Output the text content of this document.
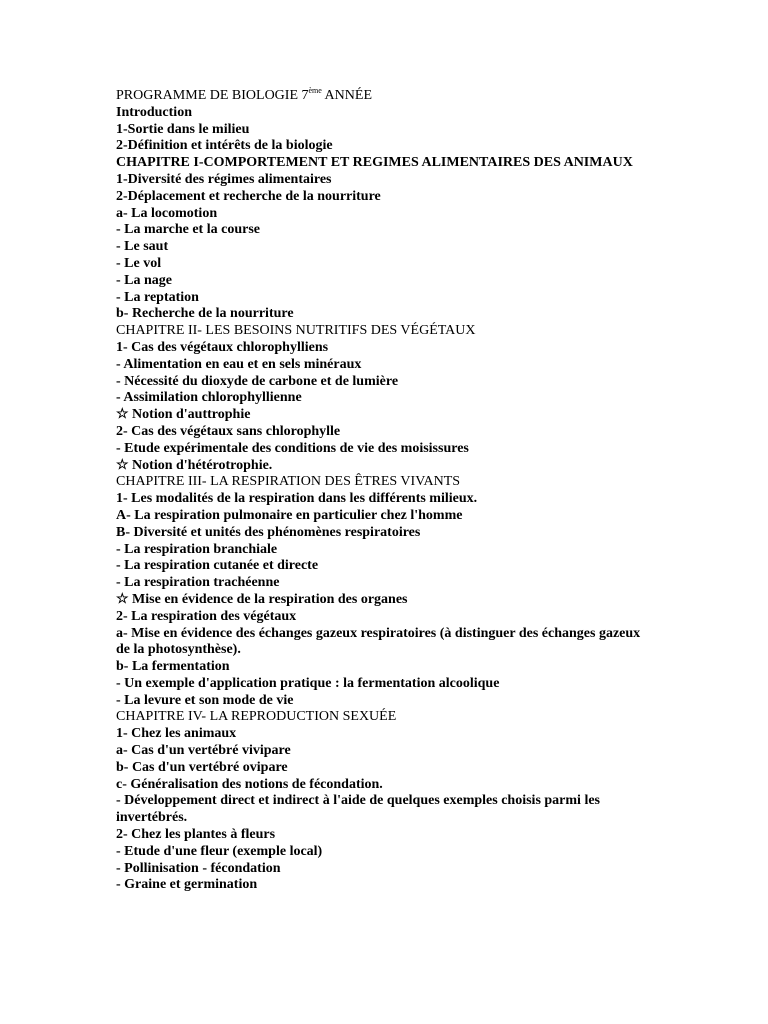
PROGRAMME DE BIOLOGIE 7ème ANNÉE

Introduction

1-Sortie dans le milieu

2-Définition et intérêts de la biologie

CHAPITRE I-COMPORTEMENT ET REGIMES ALIMENTAIRES DES ANIMAUX

1-Diversité des régimes alimentaires

2-Déplacement et recherche de la nourriture

a- La locomotion

- La marche et la course

- Le saut

- Le vol

- La nage

- La reptation

b- Recherche de la nourriture

CHAPITRE II- LES BESOINS NUTRITIFS DES VÉGÉTAUX

1- Cas des végétaux chlorophylliens

- Alimentation en eau et en sels minéraux

- Nécessité du dioxyde de carbone et de lumière

- Assimilation chlorophyllienne

☆ Notion d'auttrophie

2- Cas des végétaux sans chlorophylle

- Etude expérimentale des conditions de vie des moisissures

☆ Notion d'hétérotrophie.

CHAPITRE III- LA RESPIRATION DES ÊTRES VIVANTS

1- Les modalités de la respiration dans les différents milieux.

A- La respiration pulmonaire en particulier chez l'homme

B- Diversité et unités des phénomènes respiratoires

- La respiration branchiale

- La respiration cutanée et directe

- La respiration trachéenne

☆ Mise en évidence de la respiration des organes

2- La respiration des végétaux

a- Mise en évidence des échanges gazeux respiratoires (à distinguer des échanges gazeux de la photosynthèse).

b- La fermentation

- Un exemple d'application pratique : la fermentation alcoolique

- La levure et son mode de vie

CHAPITRE IV- LA REPRODUCTION SEXUÉE

1- Chez les animaux

a- Cas d'un vertébré vivipare

b- Cas d'un vertébré ovipare

c- Généralisation des notions de fécondation.

- Développement direct et indirect à l'aide de quelques exemples choisis parmi les invertébrés.

2- Chez les plantes à fleurs

- Etude d'une fleur (exemple local)

- Pollinisation - fécondation

- Graine et germination
